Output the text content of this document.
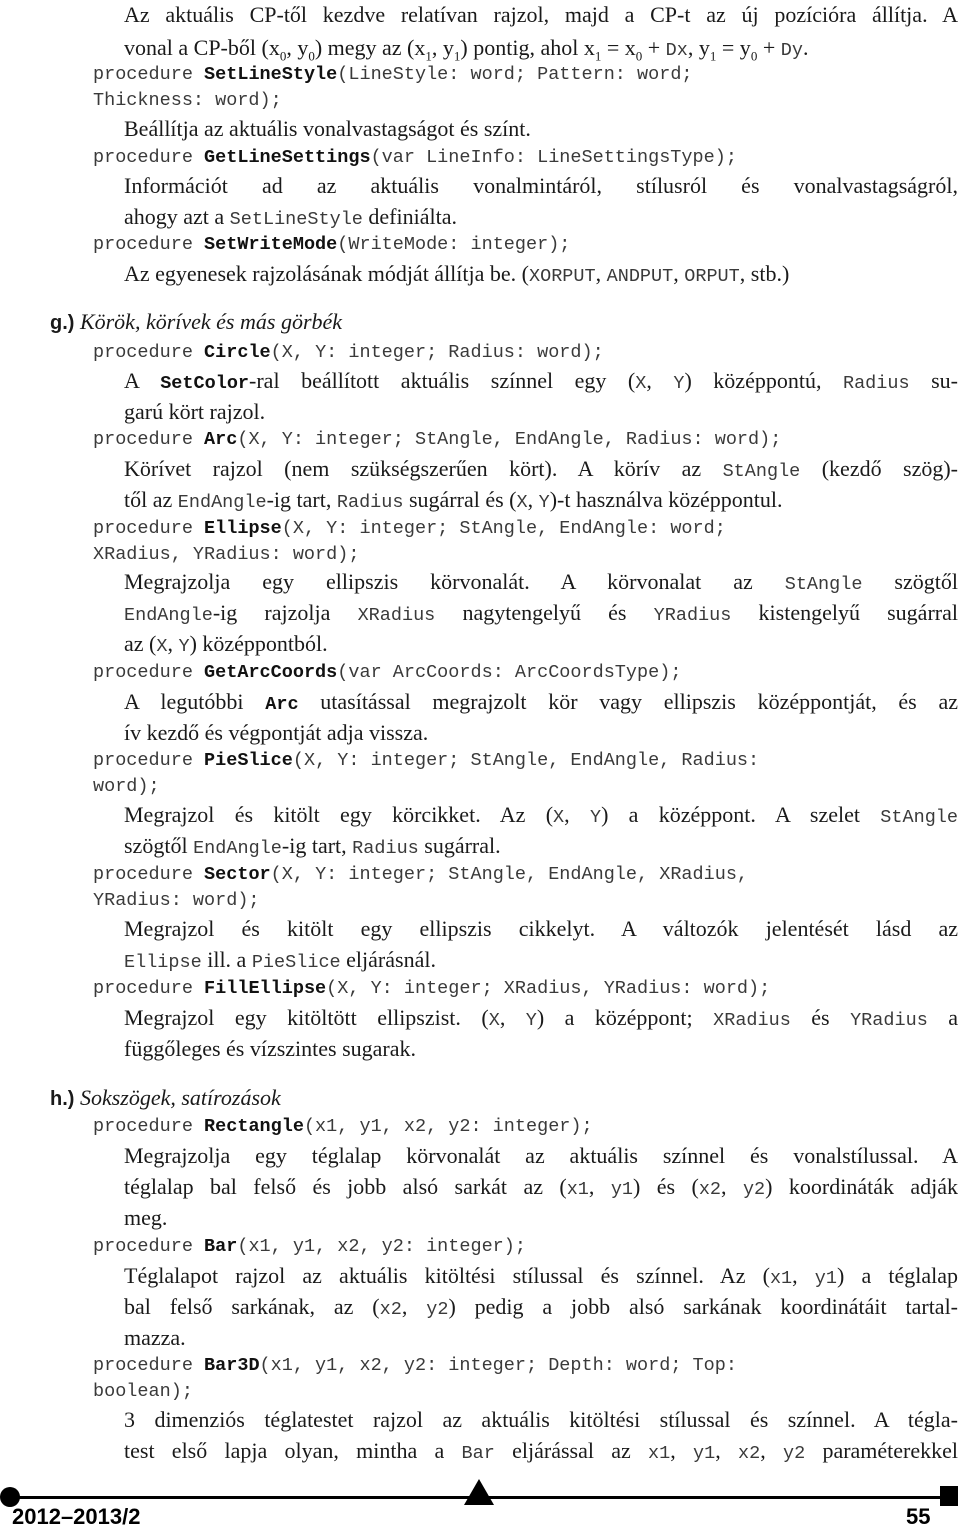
Az aktuális CP-től kezdve relatívan rajzol, majd a CP-t az új pozícióra állítja. A
vonal a CP-ből ($x_0$, $y_0$) megy az ($x_1$, $y_1$) pontig, ahol $x_1 = x_0 + Dx$, $y_1 = y_0 + Dy$.
procedure SetLineStyle(LineStyle: word; Pattern: word;
Thickness: word);
Beállítja az aktuális vonalvastagságot és színt.
procedure GetLineSettings(var LineInfo: LineSettingsType);
Információt ad az aktuális vonalmintáról, stílusról és vonalvastagságról,
ahogy azt a SetLineStyle definiálta.
procedure SetWriteMode(WriteMode: integer);
Az egyenesek rajzolásának módját állítja be. (XORPUT, ANDPUT, ORPUT, stb.)
g.) Körök, körívek és más görbék
procedure Circle(X, Y: integer; Radius: word);
A SetColor-ral beállított aktuális színnel egy (X, Y) középpontú, Radius su-
garú kört rajzol.
procedure Arc(X, Y: integer; StAngle, EndAngle, Radius: word);
Körívet rajzol (nem szükségszerűen kört). A körív az StAngle (kezdő szög)-
től az EndAngle-ig tart, Radius sugárral és (X, Y)-t használva középpontul.
procedure Ellipse(X, Y: integer; StAngle, EndAngle: word;
XRadius, YRadius: word);
Megrajzolja egy ellipszis körvonalát. A körvonalat az StAngle szögtől
EndAngle-ig rajzolja XRadius nagytengelyű és YRadius kistengelyű sugárral
az (X, Y) középpontból.
procedure GetArcCoords(var ArcCoords: ArcCoordsType);
A legutóbbi Arc utasítással megrajzolt kör vagy ellipszis középpontját, és az
ív kezdő és végpontját adja vissza.
procedure PieSlice(X, Y: integer; StAngle, EndAngle, Radius:
word);
Megrajzol és kitölt egy körcikket. Az (X, Y) a középpont. A szelet StAngle
szögtől EndAngle-ig tart, Radius sugárral.
procedure Sector(X, Y: integer; StAngle, EndAngle, XRadius,
YRadius: word);
Megrajzol és kitölt egy ellipszis cikkelyt. A változók jelentését lásd az
Ellipse ill. a PieSlice eljárásnál.
procedure FillEllipse(X, Y: integer; XRadius, YRadius: word);
Megrajzol egy kitöltött ellipszist. (X, Y) a középpont; XRadius és YRadius a
függőleges és vízszintes sugarak.
h.) Sokszögek, satírozások
procedure Rectangle(x1, y1, x2, y2: integer);
Megrajzolja egy téglalap körvonalát az aktuális színnel és vonalstílussal. A
téglalap bal felső és jobb alsó sarkát az (x1, y1) és (x2, y2) koordináták adják
meg.
procedure Bar(x1, y1, x2, y2: integer);
Téglalapot rajzol az aktuális kitöltési stílussal és színnel. Az (x1, y1) a téglalap
bal felső sarkának, az (x2, y2) pedig a jobb alsó sarkának koordinátáit tartal-
mazza.
procedure Bar3D(x1, y1, x2, y2: integer; Depth: word; Top:
boolean);
3 dimenziós téglatestet rajzol az aktuális kitöltési stílussal és színnel. A tégla-
test első lapja olyan, mintha a Bar eljárással az x1, y1, x2, y2 paraméterekkel
2012–2013/2	55
